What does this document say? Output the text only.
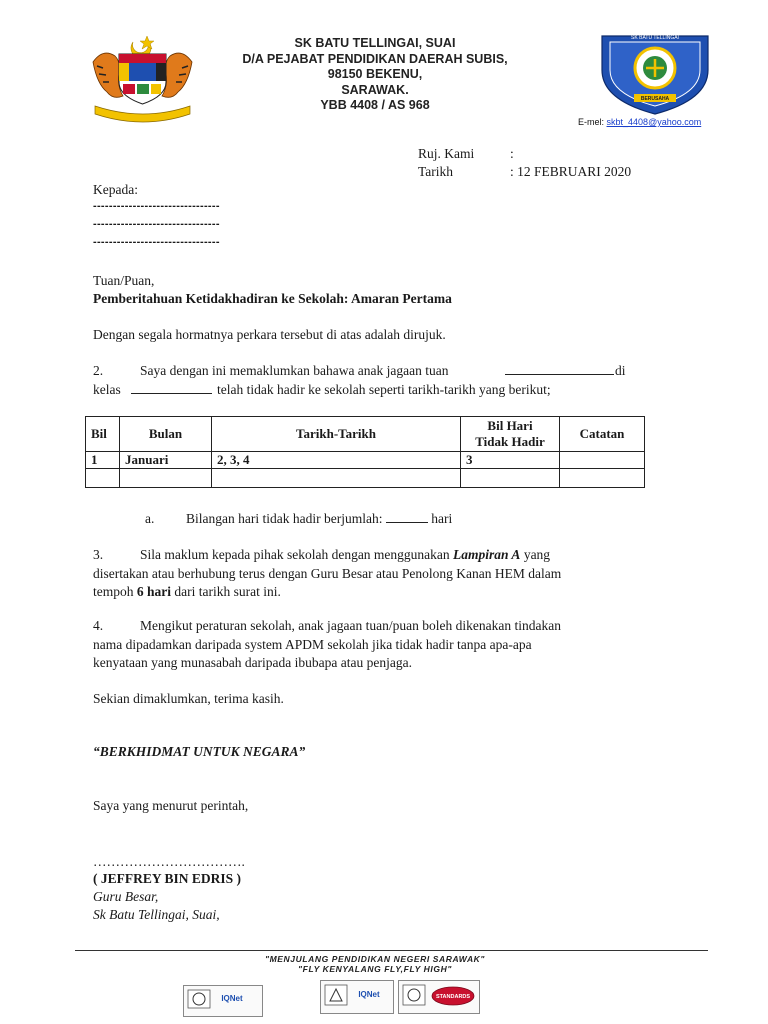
SK BATU TELLINGAI, SUAI
D/A PEJABAT PENDIDIKAN DAERAH SUBIS,
98150 BEKENU,
SARAWAK.
YBB 4408 / AS 968
SK BATU TELLINGAI
BERUSAHA
E-mel: skbt_4408@yahoo.com
Ruj. Kami	:
Tarikh	: 12 FEBRUARI 2020
Kepada:
--------------------------------
--------------------------------
--------------------------------
Tuan/Puan,
Pemberitahuan Ketidakhadiran ke Sekolah: Amaran Pertama
Dengan segala hormatnya perkara tersebut di atas adalah dirujuk.
2.	Saya dengan ini memaklumkan bahawa anak jagaan tuan	di
kelas	telah tidak hadir ke sekolah seperti tarikh-tarikh yang berikut;
Bil	Bulan	Tarikh-Tarikh	Bil Hari
Tidak Hadir	Catatan
1	Januari	2, 3, 4	3	

a. Bilangan hari tidak hadir berjumlah:	hari
3.	Sila maklum kepada pihak sekolah dengan menggunakan Lampiran A yang
disertakan atau berhubung terus dengan Guru Besar atau Penolong Kanan HEM dalam
tempoh 6 hari dari tarikh surat ini.
4.	Mengikut peraturan sekolah, anak jagaan tuan/puan boleh dikenakan tindakan
nama dipadamkan daripada system APDM sekolah jika tidak hadir tanpa apa-apa
kenyataan yang munasabah daripada ibubapa atau penjaga.
Sekian dimaklumkan, terima kasih.
“BERKHIDMAT UNTUK NEGARA”
Saya yang menurut perintah,
…………………………….
( JEFFREY BIN EDRIS )
Guru Besar,
Sk Batu Tellingai, Suai,
"MENJULANG PENDIDIKAN NEGERI SARAWAK"
"FLY KENYALANG FLY,FLY HIGH"
IQNet	IQNet	STANDARDS
